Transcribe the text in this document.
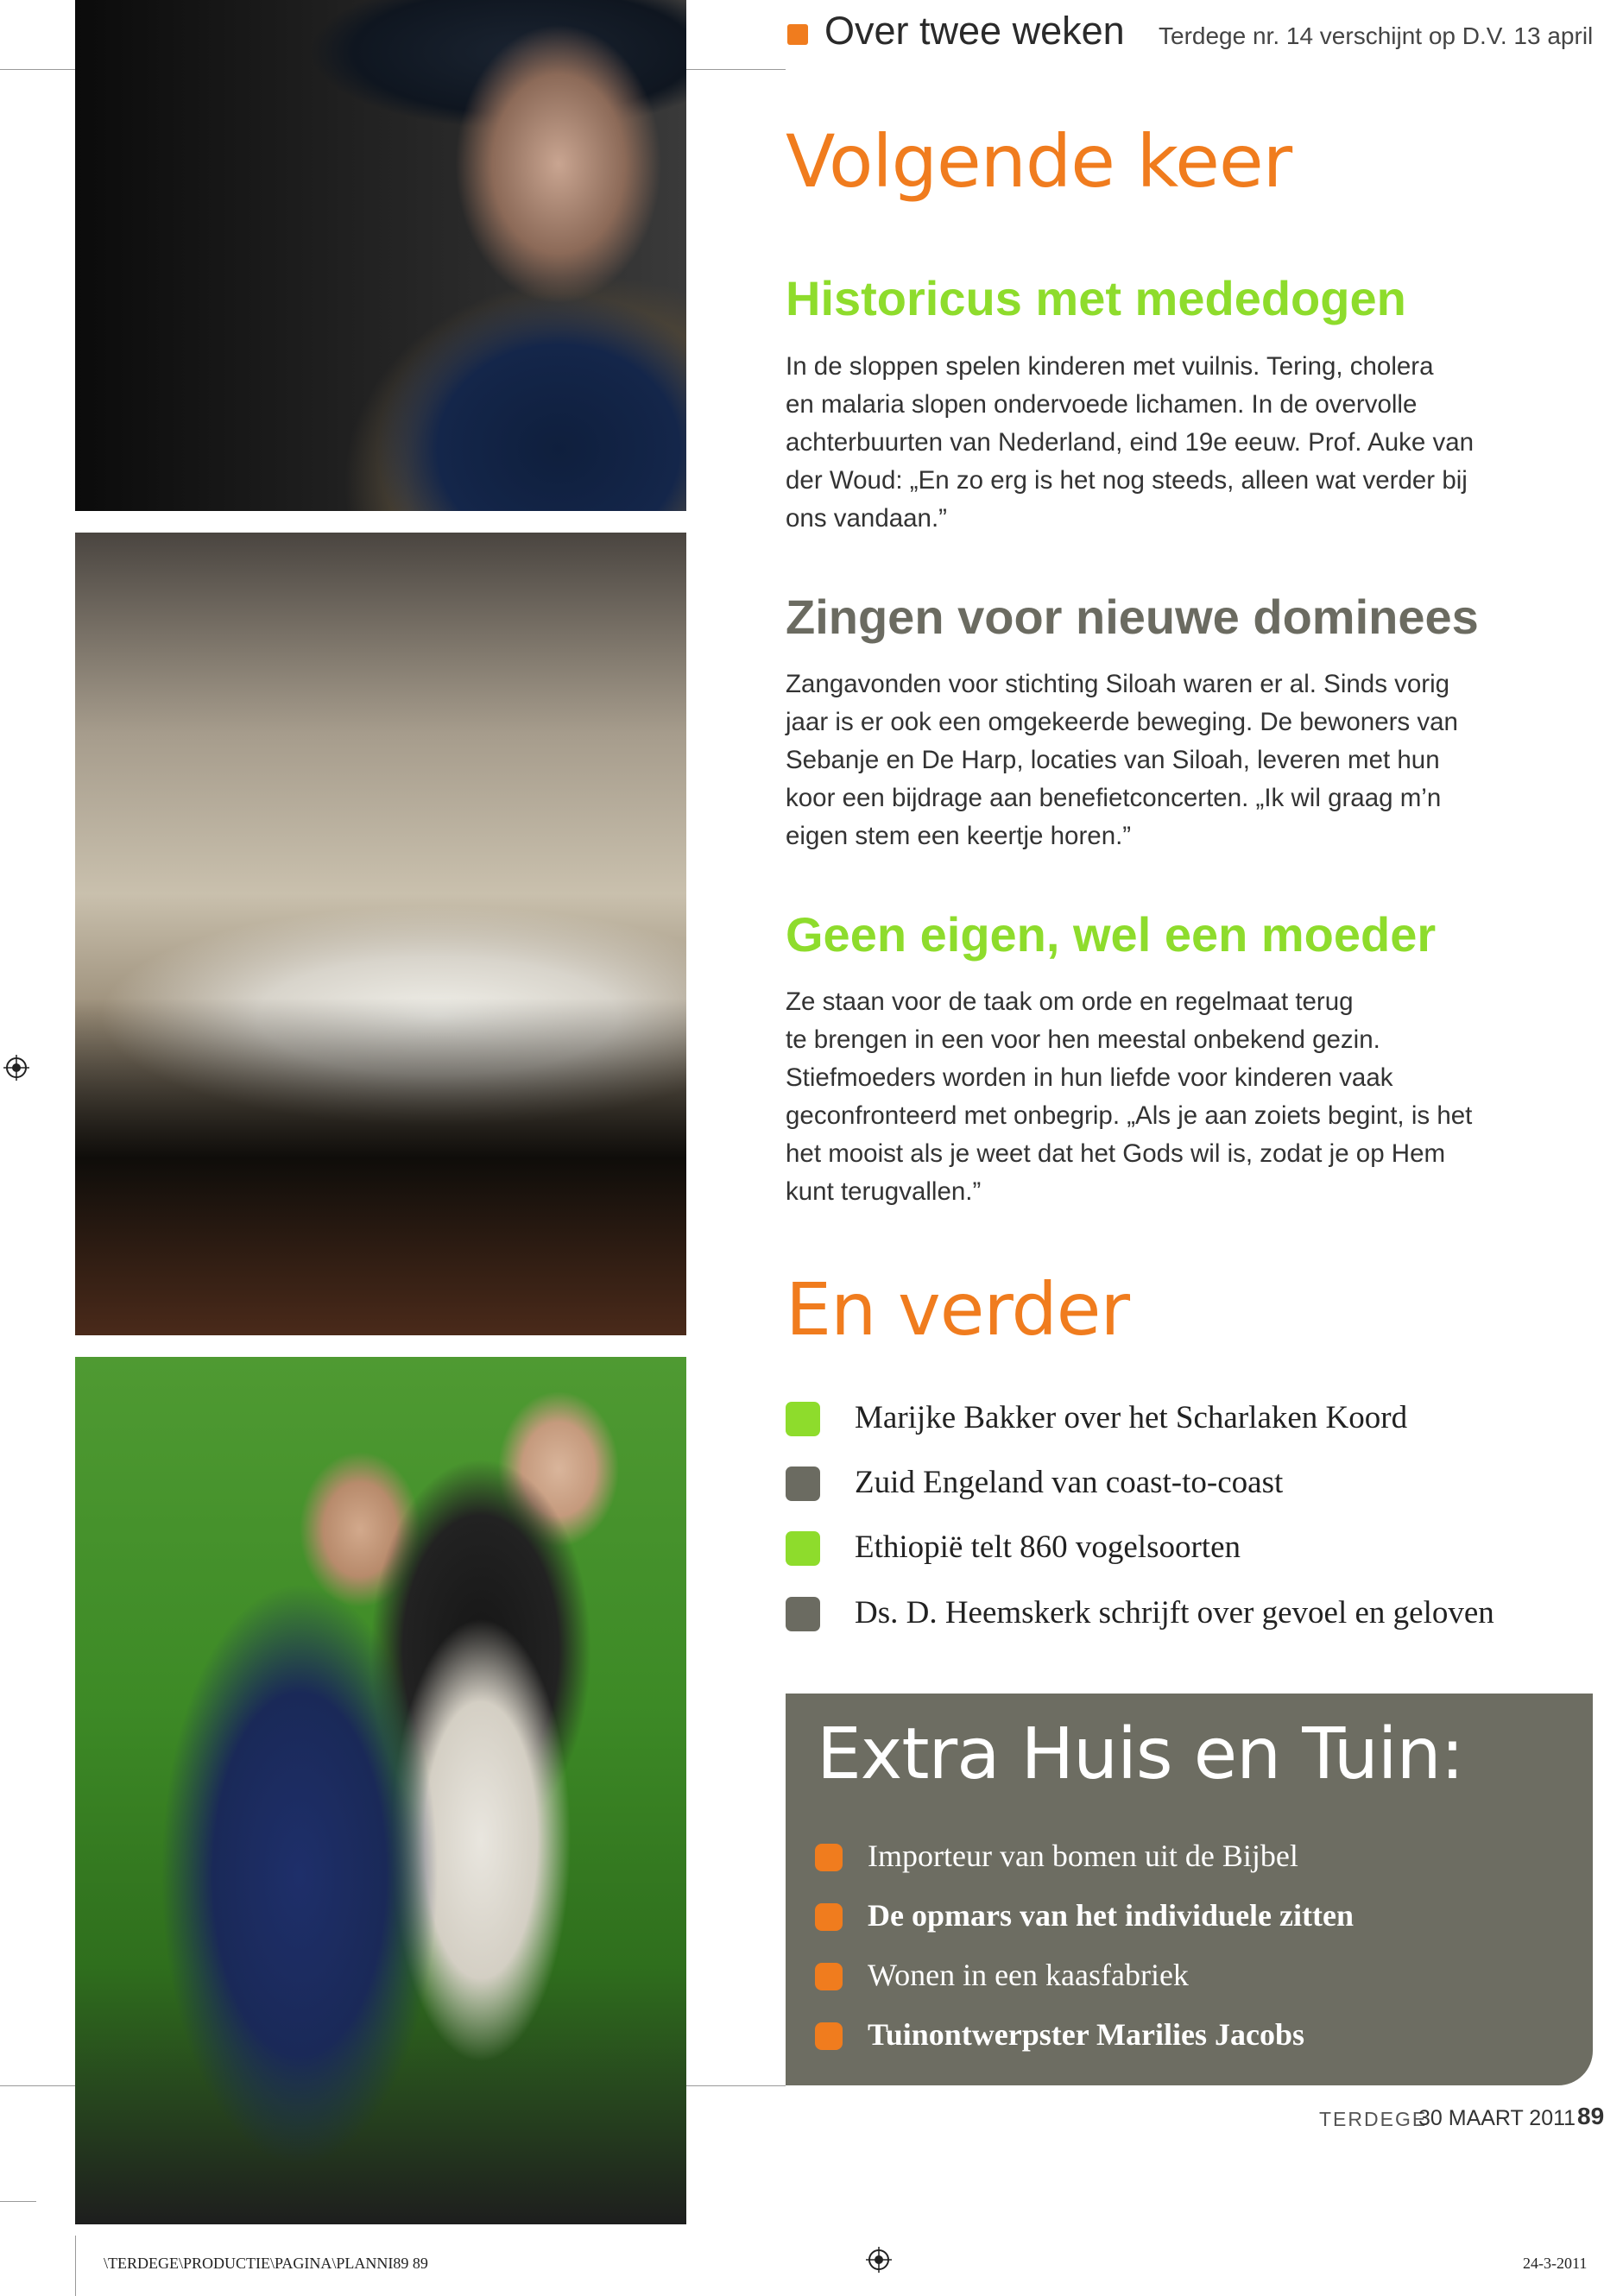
Over twee weken Terdege nr. 14 verschijnt op D.V. 13 april
Volgende keer
Historicus met mededogen

In de sloppen spelen kinderen met vuilnis. Tering, cholera

en malaria slopen ondervoede lichamen. In de overvolle

achterbuurten van Nederland, eind 19e eeuw. Prof. Auke van

der Woud: „En zo erg is het nog steeds, alleen wat verder bij

ons vandaan.”

Zingen voor nieuwe dominees

Zangavonden voor stichting Siloah waren er al. Sinds vorig

jaar is er ook een omgekeerde beweging. De bewoners van

Sebanje en De Harp, locaties van Siloah, leveren met hun

koor een bijdrage aan benefietconcerten. „Ik wil graag m’n

eigen stem een keertje horen.”

Geen eigen, wel een moeder

Ze staan voor de taak om orde en regelmaat terug

te brengen in een voor hen meestal onbekend gezin.

Stiefmoeders worden in hun liefde voor kinderen vaak

geconfronteerd met onbegrip. „Als je aan zoiets begint, is het

het mooist als je weet dat het Gods wil is, zodat je op Hem

kunt terugvallen.”

En verder
Marijke Bakker over het Scharlaken Koord
Zuid Engeland van coast-to-coast
Ethiopië telt 860 vogelsoorten
Ds. D. Heemskerk schrijft over gevoel en geloven
Extra Huis en Tuin:
Importeur van bomen uit de Bijbel
De opmars van het individuele zitten
Wonen in een kaasfabriek
Tuinontwerpster Marilies Jacobs
TERDEGE
30 MAART 2011 89
\TERDEGE\PRODUCTIE\PAGINA\PLANNI89 89	24-3-2011
